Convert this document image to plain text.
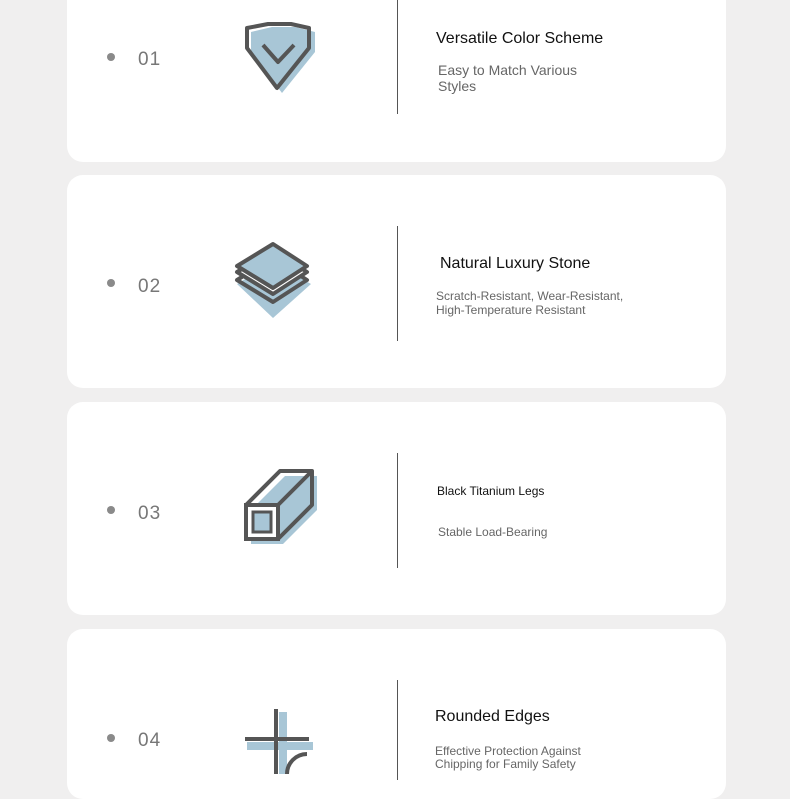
01
Versatile Color Scheme
Easy to Match Various
Styles
02
Natural Luxury Stone
Scratch-Resistant, Wear-Resistant,
High-Temperature Resistant
03
Black Titanium Legs
Stable Load-Bearing
04
Rounded Edges
Effective Protection Against
Chipping for Family Safety
